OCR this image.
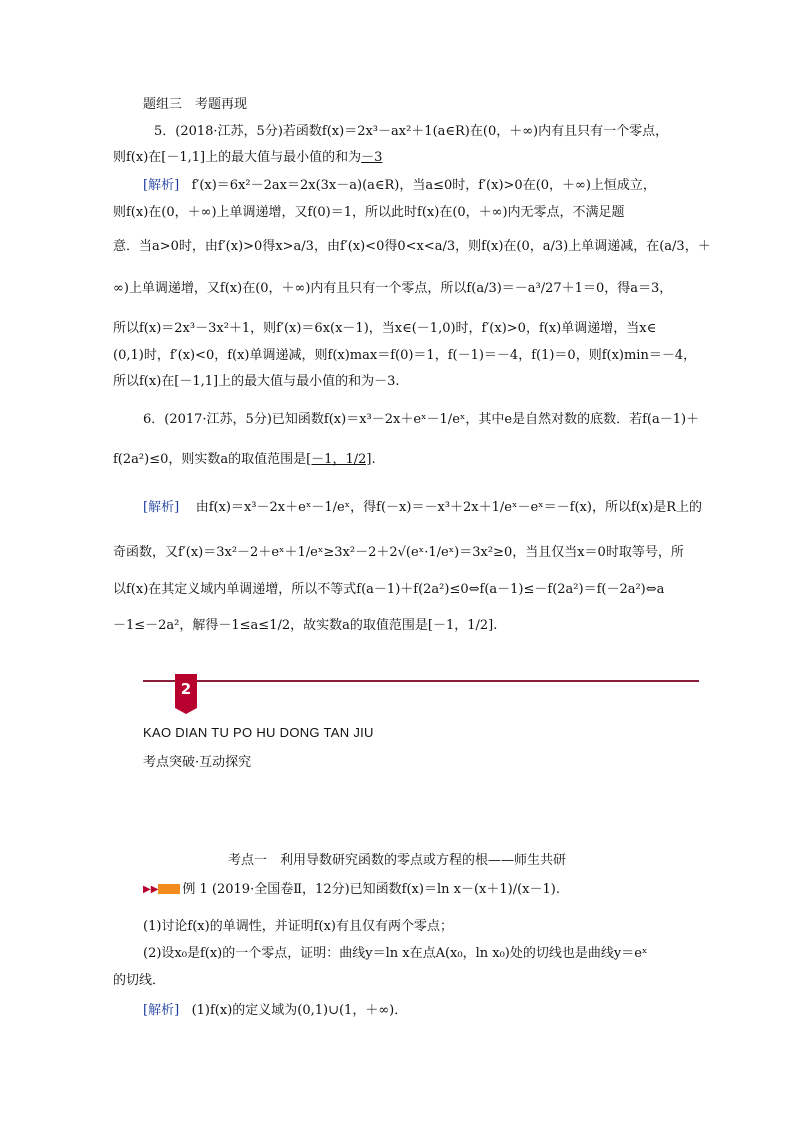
题组三　考题再现
5．(2018·江苏，5分)若函数f(x)＝2x³－ax²＋1(a∈R)在(0，＋∞)内有且只有一个零点，
则f(x)在[－1,1]上的最大值与最小值的和为－3
[解析] f′(x)＝6x²－2ax＝2x(3x－a)(a∈R)，当a≤0时，f′(x)>0在(0，＋∞)上恒成立，
则f(x)在(0，＋∞)上单调递增，又f(0)＝1，所以此时f(x)在(0，＋∞)内无零点，不满足题
意．当a>0时，由f′(x)>0得x>a/3，由f′(x)<0得0<x<a/3，则f(x)在(0，a/3)上单调递减，在(a/3，＋
∞)上单调递增，又f(x)在(0，＋∞)内有且只有一个零点，所以f(a/3)＝－a³/27＋1＝0，得a＝3，
所以f(x)＝2x³－3x²＋1，则f′(x)＝6x(x－1)，当x∈(－1,0)时，f′(x)>0，f(x)单调递增，当x∈
(0,1)时，f′(x)<0，f(x)单调递减，则f(x)max＝f(0)＝1，f(－1)＝－4，f(1)＝0，则f(x)min＝－4，
所以f(x)在[－1,1]上的最大值与最小值的和为－3.
6．(2017·江苏，5分)已知函数f(x)＝x³－2x＋eˣ－1/eˣ，其中e是自然对数的底数．若f(a－1)＋
f(2a²)≤0，则实数a的取值范围是[－1，1/2].
[解析] 由f(x)＝x³－2x＋eˣ－1/eˣ，得f(－x)＝－x³＋2x＋1/eˣ－eˣ＝－f(x)，所以f(x)是R上的
奇函数，又f′(x)＝3x²－2＋eˣ＋1/eˣ≥3x²－2＋2√(eˣ·1/eˣ)＝3x²≥0，当且仅当x＝0时取等号，所
以f(x)在其定义域内单调递增，所以不等式f(a－1)＋f(2a²)≤0⇔f(a－1)≤－f(2a²)＝f(－2a²)⇔a
－1≤－2a²，解得－1≤a≤1/2，故实数a的取值范围是[－1，1/2].
2
KAO DIAN TU PO HU DONG TAN JIU
考点突破·互动探究
考点一　利用导数研究函数的零点或方程的根——师生共研
▶▶ 例 1 (2019·全国卷Ⅱ，12分)已知函数f(x)＝ln x－(x＋1)/(x－1).
(1)讨论f(x)的单调性，并证明f(x)有且仅有两个零点；
(2)设x₀是f(x)的一个零点，证明：曲线y＝ln x在点A(x₀，ln x₀)处的切线也是曲线y＝eˣ
的切线．
[解析] (1)f(x)的定义域为(0,1)∪(1，＋∞)．
